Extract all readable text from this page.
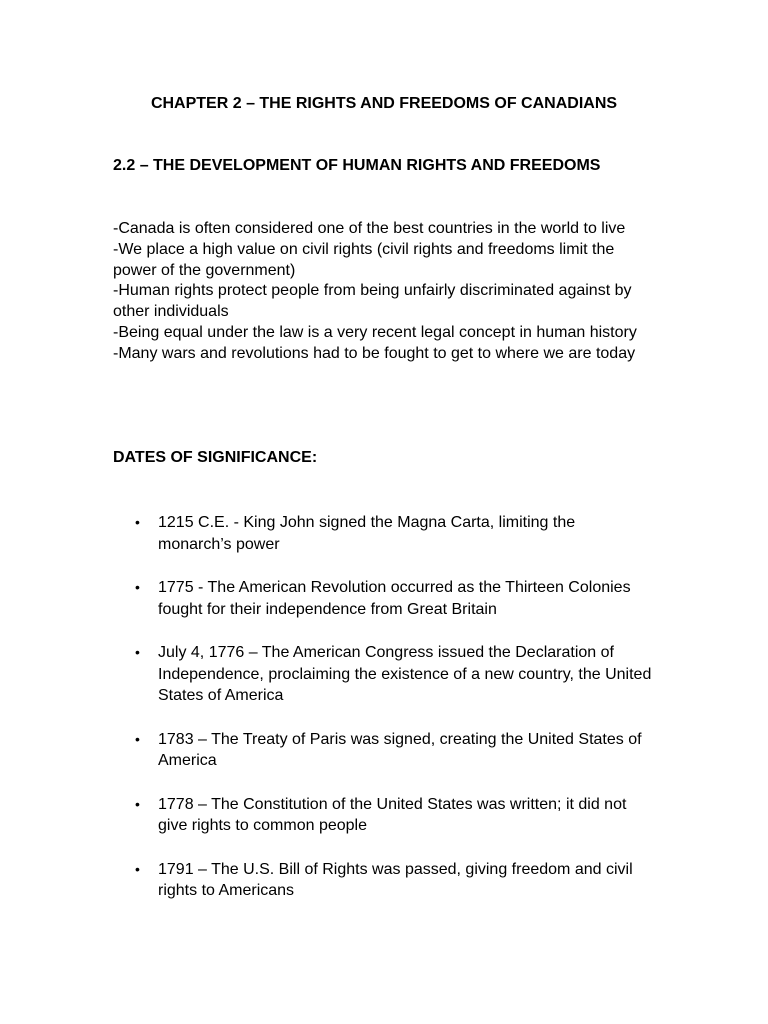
CHAPTER 2 – THE RIGHTS AND FREEDOMS OF CANADIANS
2.2 – THE DEVELOPMENT OF HUMAN RIGHTS AND FREEDOMS

-Canada is often considered one of the best countries in the world to live

-We place a high value on civil rights (civil rights and freedoms limit the power of the government)

-Human rights protect people from being unfairly discriminated against by other individuals

-Being equal under the law is a very recent legal concept in human history

-Many wars and revolutions had to be fought to get to where we are today

DATES OF SIGNIFICANCE:
• 1215 C.E. - King John signed the Magna Carta, limiting the monarch’s power
• 1775 - The American Revolution occurred as the Thirteen Colonies fought for their independence from Great Britain
• July 4, 1776 – The American Congress issued the Declaration of Independence, proclaiming the existence of a new country, the United States of America
• 1783 – The Treaty of Paris was signed, creating the United States of America
• 1778 – The Constitution of the United States was written; it did not give rights to common people
• 1791 – The U.S. Bill of Rights was passed, giving freedom and civil rights to Americans
